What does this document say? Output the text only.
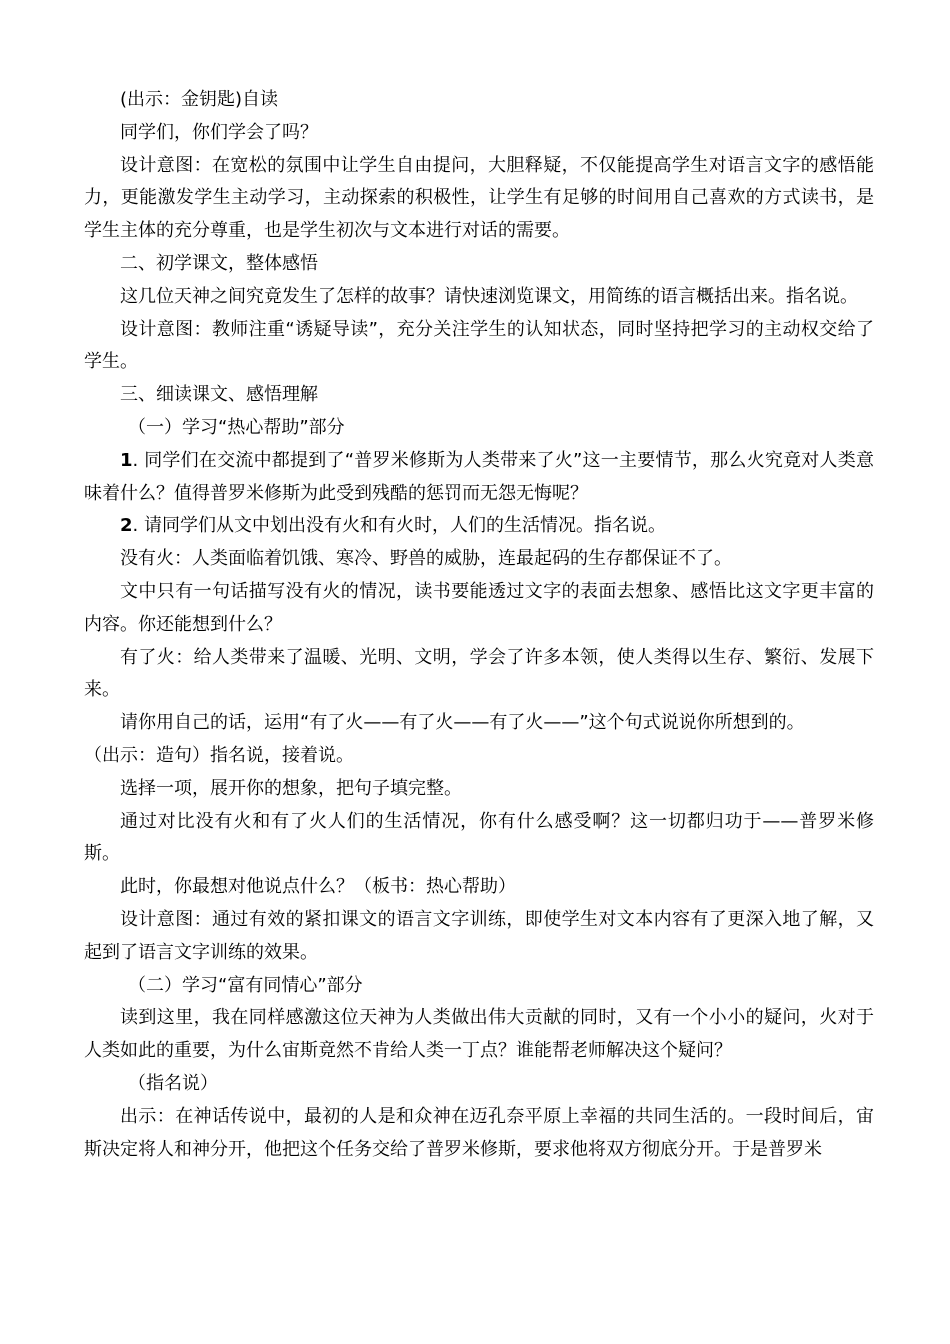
(出示：金钥匙)自读

同学们，你们学会了吗？

设计意图：在宽松的氛围中让学生自由提问，大胆释疑，不仅能提高学生对语言文字的感悟能力，更能激发学生主动学习，主动探索的积极性，让学生有足够的时间用自己喜欢的方式读书，是学生主体的充分尊重，也是学生初次与文本进行对话的需要。

二、初学课文，整体感悟

这几位天神之间究竟发生了怎样的故事？请快速浏览课文，用简练的语言概括出来。指名说。

设计意图：教师注重“诱疑导读”，充分关注学生的认知状态，同时坚持把学习的主动权交给了学生。

三、细读课文、感悟理解

（一）学习“热心帮助”部分

1. 同学们在交流中都提到了“普罗米修斯为人类带来了火”这一主要情节，那么火究竟对人类意味着什么？值得普罗米修斯为此受到残酷的惩罚而无怨无悔呢？

2. 请同学们从文中划出没有火和有火时，人们的生活情况。指名说。

没有火：人类面临着饥饿、寒冷、野兽的威胁，连最起码的生存都保证不了。

文中只有一句话描写没有火的情况，读书要能透过文字的表面去想象、感悟比这文字更丰富的内容。你还能想到什么？

有了火：给人类带来了温暖、光明、文明，学会了许多本领，使人类得以生存、繁衍、发展下来。

请你用自己的话，运用“有了火——有了火——有了火——”这个句式说说你所想到的。

（出示：造句）指名说，接着说。

选择一项，展开你的想象，把句子填完整。

通过对比没有火和有了火人们的生活情况，你有什么感受啊？这一切都归功于——普罗米修斯。

此时，你最想对他说点什么？（板书：热心帮助）

设计意图：通过有效的紧扣课文的语言文字训练，即使学生对文本内容有了更深入地了解，又起到了语言文字训练的效果。

（二）学习“富有同情心”部分

读到这里，我在同样感激这位天神为人类做出伟大贡献的同时，又有一个小小的疑问，火对于人类如此的重要，为什么宙斯竟然不肯给人类一丁点？谁能帮老师解决这个疑问？

（指名说）

出示：在神话传说中，最初的人是和众神在迈孔奈平原上幸福的共同生活的。一段时间后，宙斯决定将人和神分开，他把这个任务交给了普罗米修斯，要求他将双方彻底分开。于是普罗米
